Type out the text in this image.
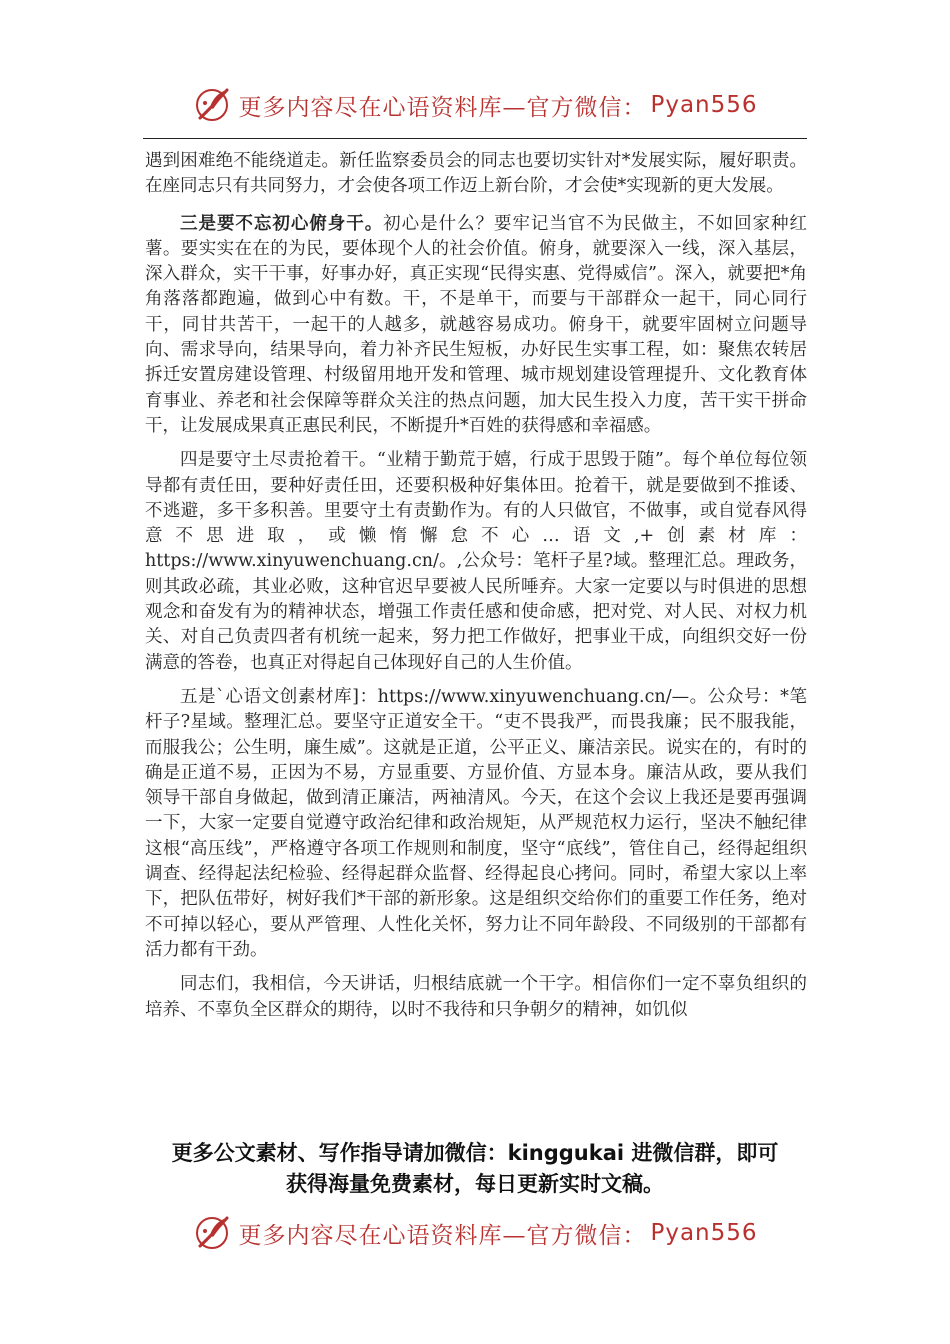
更多内容尽在心语资料库—官方微信： Pyan556

遇到困难绝不能绕道走。新任监察委员会的同志也要切实针对*发展实际，履好职责。在座同志只有共同努力，才会使各项工作迈上新台阶，才会使*实现新的更大发展。

三是要不忘初心俯身干。初心是什么？要牢记当官不为民做主，不如回家种红薯。要实实在在的为民，要体现个人的社会价值。俯身，就要深入一线，深入基层，深入群众，实干干事，好事办好，真正实现“民得实惠、党得威信”。深入，就要把*角角落落都跑遍，做到心中有数。干，不是单干，而要与干部群众一起干，同心同行干，同甘共苦干，一起干的人越多，就越容易成功。俯身干，就要牢固树立问题导向、需求导向，结果导向，着力补齐民生短板，办好民生实事工程，如：聚焦农转居拆迁安置房建设管理、村级留用地开发和管理、城市规划建设管理提升、文化教育体育事业、养老和社会保障等群众关注的热点问题，加大民生投入力度，苦干实干拼命干，让发展成果真正惠民利民，不断提升*百姓的获得感和幸福感。

四是要守土尽责抢着干。“业精于勤荒于嬉，行成于思毁于随”。每个单位每位领导都有责任田，要种好责任田，还要积极种好集体田。抢着干，就是要做到不推诿、不逃避，多干多积善。里要守土有责勤作为。有的人只做官，不做事，或自觉春风得意不思进取，或懒惰懈怠不心…语文,+创素材库：https://www.xinyuwenchuang.cn/。,公众号：笔杆子星?域。整理汇总。理政务，则其政必疏，其业必败，这种官迟早要被人民所唾弃。大家一定要以与时俱进的思想观念和奋发有为的精神状态，增强工作责任感和使命感，把对党、对人民、对权力机关、对自己负责四者有机统一起来，努力把工作做好，把事业干成，向组织交好一份满意的答卷，也真正对得起自己体现好自己的人生价值。

五是`心语文创素材库]：https://www.xinyuwenchuang.cn/—。公众号：*笔杆子?星域。整理汇总。要坚守正道安全干。“吏不畏我严，而畏我廉；民不服我能，而服我公；公生明，廉生威”。这就是正道，公平正义、廉洁亲民。说实在的，有时的确是正道不易，正因为不易，方显重要、方显价值、方显本身。廉洁从政，要从我们领导干部自身做起，做到清正廉洁，两袖清风。今天，在这个会议上我还是要再强调一下，大家一定要自觉遵守政治纪律和政治规矩，从严规范权力运行，坚决不触纪律这根“高压线”，严格遵守各项工作规则和制度，坚守“底线”，管住自己，经得起组织调查、经得起法纪检验、经得起群众监督、经得起良心拷问。同时，希望大家以上率下，把队伍带好，树好我们*干部的新形象。这是组织交给你们的重要工作任务，绝对不可掉以轻心，要从严管理、人性化关怀，努力让不同年龄段、不同级别的干部都有活力都有干劲。

同志们，我相信，今天讲话，归根结底就一个干字。相信你们一定不辜负组织的培养、不辜负全区群众的期待，以时不我待和只争朝夕的精神，如饥似

更多公文素材、写作指导请加微信：kinggukai 进微信群，即可
获得海量免费素材，每日更新实时文稿。
更多内容尽在心语资料库—官方微信： Pyan556
